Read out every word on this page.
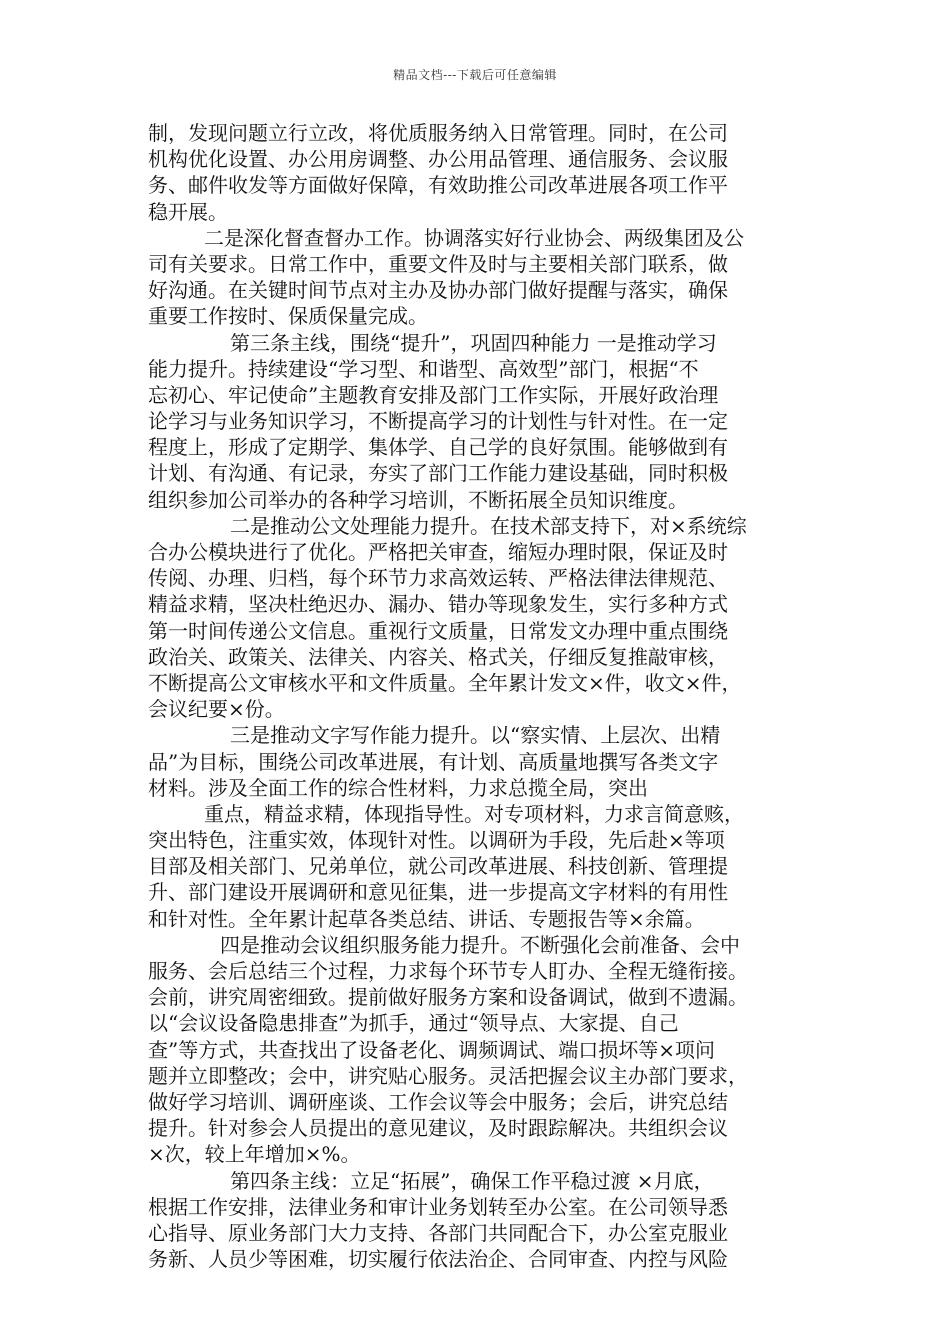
精品文档---下载后可任意编辑
制，发现问题立行立改，将优质服务纳入日常管理。同时，在公司
机构优化设置、办公用房调整、办公用品管理、通信服务、会议服
务、邮件收发等方面做好保障，有效助推公司改革进展各项工作平
稳开展。
二是深化督查督办工作。协调落实好行业协会、两级集团及公
司有关要求。日常工作中，重要文件及时与主要相关部门联系，做
好沟通。在关键时间节点对主办及协办部门做好提醒与落实，确保
重要工作按时、保质保量完成。
第三条主线，围绕“提升”，巩固四种能力 一是推动学习
能力提升。持续建设“学习型、和谐型、高效型”部门，根据“不
忘初心、牢记使命”主题教育安排及部门工作实际，开展好政治理
论学习与业务知识学习，不断提高学习的计划性与针对性。在一定
程度上，形成了定期学、集体学、自己学的良好氛围。能够做到有
计划、有沟通、有记录，夯实了部门工作能力建设基础，同时积极
组织参加公司举办的各种学习培训，不断拓展全员知识维度。
二是推动公文处理能力提升。在技术部支持下，对×系统综
合办公模块进行了优化。严格把关审查，缩短办理时限，保证及时
传阅、办理、归档，每个环节力求高效运转、严格法律法律规范、
精益求精，坚决杜绝迟办、漏办、错办等现象发生，实行多种方式
第一时间传递公文信息。重视行文质量，日常发文办理中重点围绕
政治关、政策关、法律关、内容关、格式关，仔细反复推敲审核，
不断提高公文审核水平和文件质量。全年累计发文×件，收文×件，
会议纪要×份。
三是推动文字写作能力提升。以“察实情、上层次、出精
品”为目标，围绕公司改革进展，有计划、高质量地撰写各类文字
材料。涉及全面工作的综合性材料，力求总揽全局，突出
重点，精益求精，体现指导性。对专项材料，力求言简意赅，
突出特色，注重实效，体现针对性。以调研为手段，先后赴×等项
目部及相关部门、兄弟单位，就公司改革进展、科技创新、管理提
升、部门建设开展调研和意见征集，进一步提高文字材料的有用性
和针对性。全年累计起草各类总结、讲话、专题报告等×余篇。
四是推动会议组织服务能力提升。不断强化会前准备、会中
服务、会后总结三个过程，力求每个环节专人盯办、全程无缝衔接。
会前，讲究周密细致。提前做好服务方案和设备调试，做到不遗漏。
以“会议设备隐患排查”为抓手，通过“领导点、大家提、自己
查”等方式，共查找出了设备老化、调频调试、端口损坏等×项问
题并立即整改；会中，讲究贴心服务。灵活把握会议主办部门要求，
做好学习培训、调研座谈、工作会议等会中服务；会后，讲究总结
提升。针对参会人员提出的意见建议，及时跟踪解决。共组织会议
×次，较上年增加×%。
第四条主线：立足“拓展”，确保工作平稳过渡 ×月底，
根据工作安排，法律业务和审计业务划转至办公室。在公司领导悉
心指导、原业务部门大力支持、各部门共同配合下，办公室克服业
务新、人员少等困难，切实履行依法治企、合同审查、内控与风险
